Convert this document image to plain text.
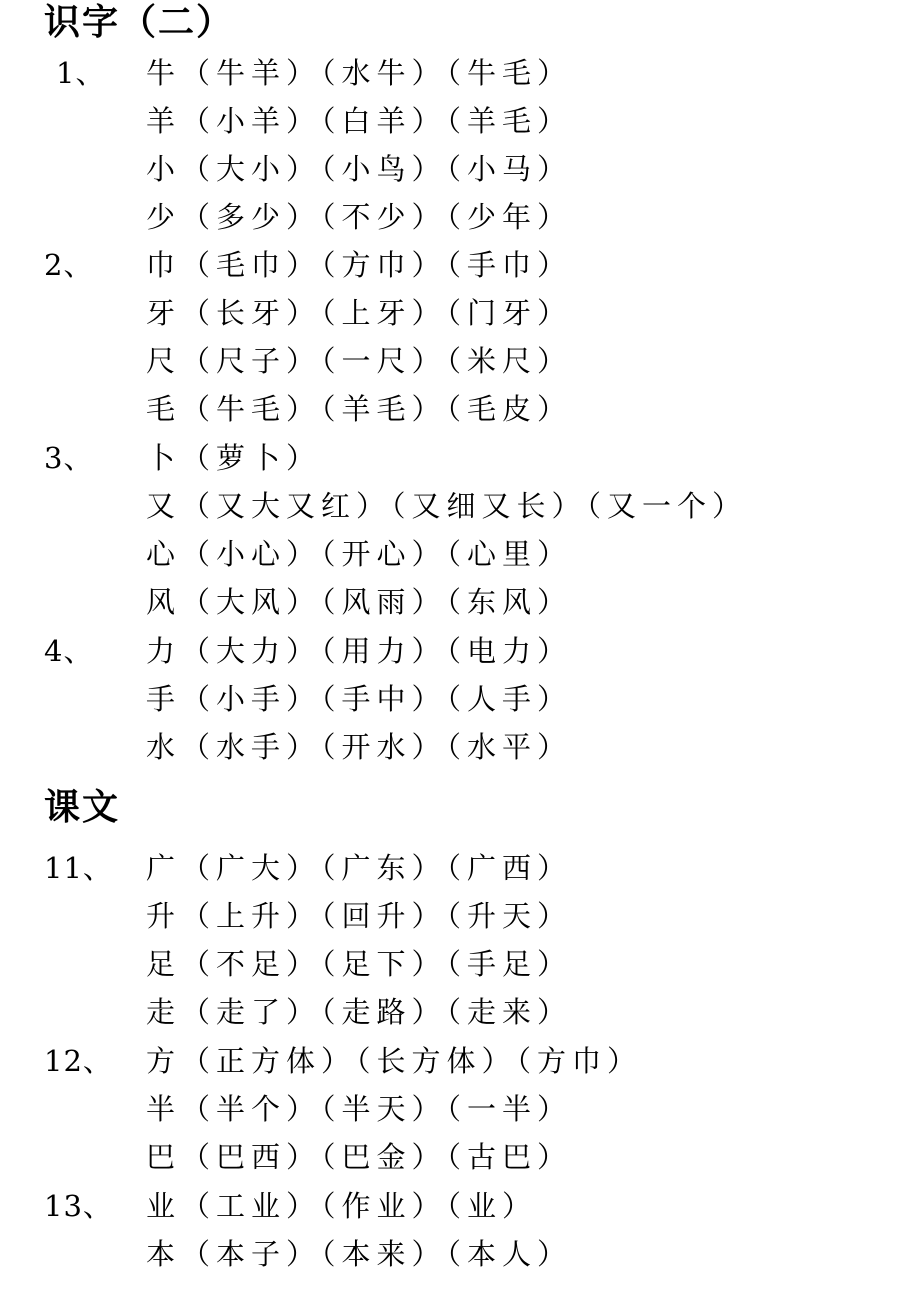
识字（二）
1、 牛（牛羊）（水牛）（牛毛）
羊（小羊）（白羊）（羊毛）
小（大小）（小鸟）（小马）
少（多少）（不少）（少年）
2、 巾（毛巾）（方巾）（手巾）
牙（长牙）（上牙）（门牙）
尺（尺子）（一尺）（米尺）
毛（牛毛）（羊毛）（毛皮）
3、 卜（萝卜）
又（又大又红）（又细又长）（又一个）
心（小心）（开心）（心里）
风（大风）（风雨）（东风）
4、 力（大力）（用力）（电力）
手（小手）（手中）（人手）
水（水手）（开水）（水平）
课文
11、 广（广大）（广东）（广西）
升（上升）（回升）（升天）
足（不足）（足下）（手足）
走（走了）（走路）（走来）
12、 方（正方体）（长方体）（方巾）
半（半个）（半天）（一半）
巴（巴西）（巴金）（古巴）
13、 业（工业）（作业）（业）
本（本子）（本来）（本人）
